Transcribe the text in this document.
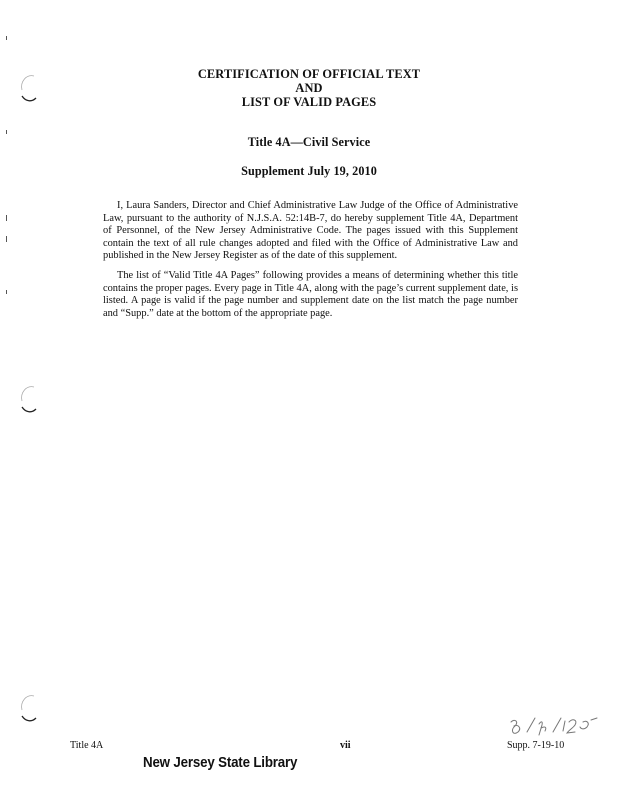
CERTIFICATION OF OFFICIAL TEXT
AND
LIST OF VALID PAGES
Title 4A—Civil Service
Supplement July 19, 2010

I, Laura Sanders, Director and Chief Administrative Law Judge of the Office of Administrative Law, pursuant to the authority of N.J.S.A. 52:14B-7, do hereby supplement Title 4A, Department of Personnel, of the New Jersey Administrative Code. The pages issued with this Supplement contain the text of all rule changes adopted and filed with the Office of Administrative Law and published in the New Jersey Register as of the date of this supplement.

The list of “Valid Title 4A Pages” following provides a means of determining whether this title contains the proper pages. Every page in Title 4A, along with the page’s current supplement date, is listed. A page is valid if the page number and supplement date on the list match the page number and “Supp.” date at the bottom of the appropriate page.

Title 4A	vii	Supp. 7-19-10
New Jersey State Library
